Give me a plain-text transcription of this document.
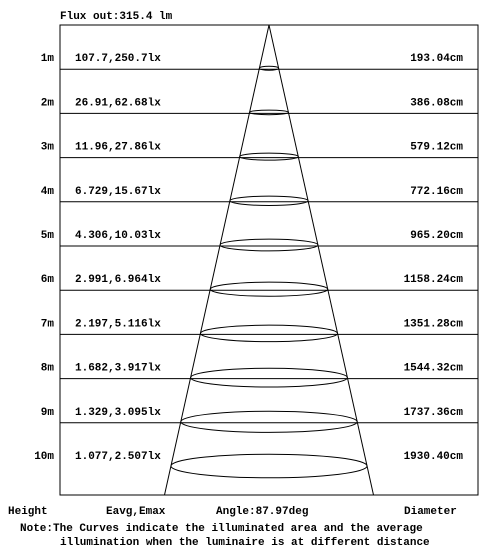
Flux out:315.4 lm
1m 107.7,250.7lx	193.04cm
2m 26.91,62.68lx	386.08cm
3m 11.96,27.86lx	579.12cm
4m 6.729,15.67lx	772.16cm
5m 4.306,10.03lx	965.20cm
6m 2.991,6.964lx	1158.24cm
7m 2.197,5.116lx	1351.28cm
8m 1.682,3.917lx	1544.32cm
9m 1.329,3.095lx	1737.36cm
10m 1.077,2.507lx	1930.40cm
Height	Eavg,Emax	Angle:87.97deg	Diameter
Note:The Curves indicate the illuminated area and the average
illumination when the luminaire is at different distance
